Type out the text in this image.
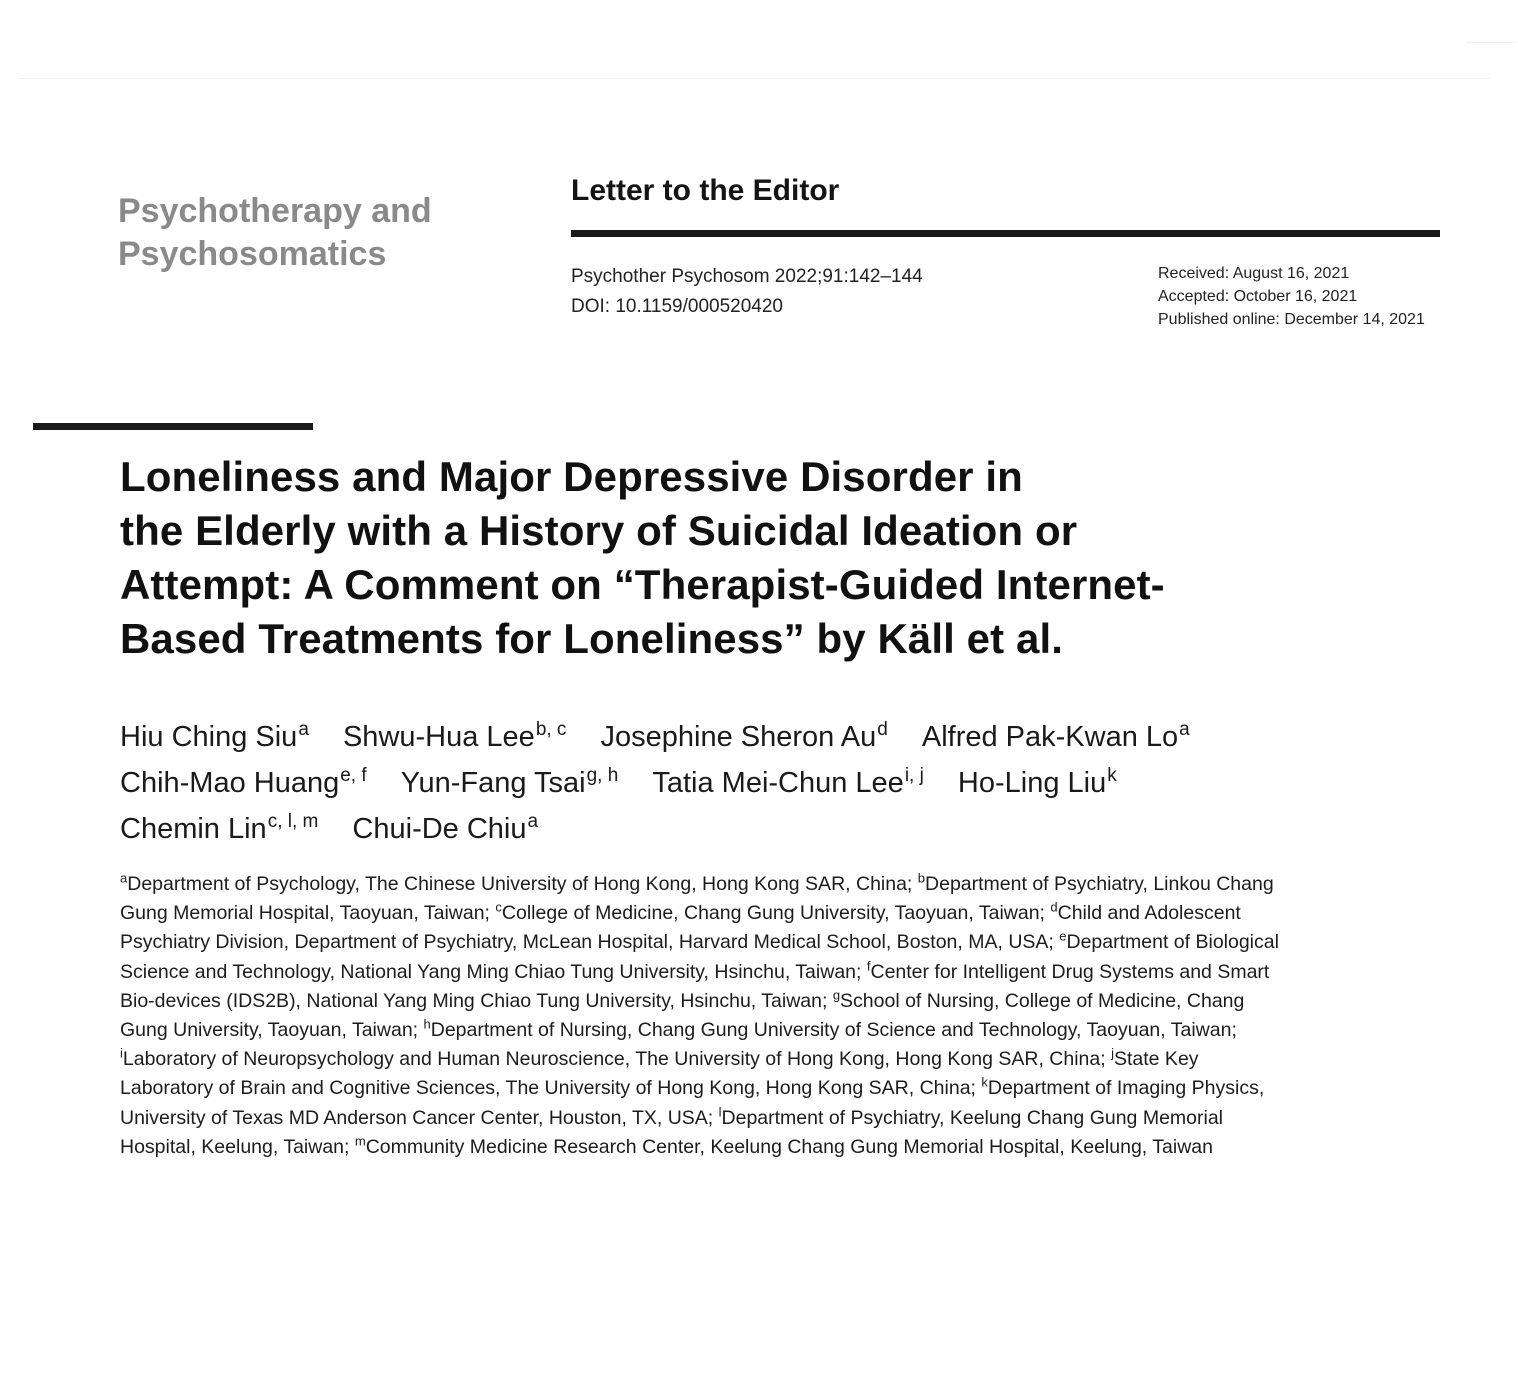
Psychotherapy and
Psychosomatics
Letter to the Editor
Psychother Psychosom 2022;91:142–144
DOI: 10.1159/000520420
Received: August 16, 2021
Accepted: October 16, 2021
Published online: December 14, 2021
Loneliness and Major Depressive Disorder in
the Elderly with a History of Suicidal Ideation or
Attempt: A Comment on “Therapist-Guided Internet-
Based Treatments for Loneliness” by Käll et al.
Hiu Ching Siu$^a$ Shwu-Hua Lee$^{b, c}$ Josephine Sheron Au$^d$ Alfred Pak-Kwan Lo$^a$
Chih-Mao Huang$^{e, f}$ Yun-Fang Tsai$^{g, h}$ Tatia Mei-Chun Lee$^{i, j}$ Ho-Ling Liu$^k$
Chemin Lin$^{c, l, m}$ Chui-De Chiu$^a$

$^a$Department of Psychology, The Chinese University of Hong Kong, Hong Kong SAR, China; $^b$Department of Psychiatry, Linkou Chang Gung Memorial Hospital, Taoyuan, Taiwan; $^c$College of Medicine, Chang Gung University, Taoyuan, Taiwan; $^d$Child and Adolescent Psychiatry Division, Department of Psychiatry, McLean Hospital, Harvard Medical School, Boston, MA, USA; $^e$Department of Biological Science and Technology, National Yang Ming Chiao Tung University, Hsinchu, Taiwan; $^f$Center for Intelligent Drug Systems and Smart Bio-devices (IDS2B), National Yang Ming Chiao Tung University, Hsinchu, Taiwan; $^g$School of Nursing, College of Medicine, Chang Gung University, Taoyuan, Taiwan; $^h$Department of Nursing, Chang Gung University of Science and Technology, Taoyuan, Taiwan; $^i$Laboratory of Neuropsychology and Human Neuroscience, The University of Hong Kong, Hong Kong SAR, China; $^j$State Key Laboratory of Brain and Cognitive Sciences, The University of Hong Kong, Hong Kong SAR, China; $^k$Department of Imaging Physics, University of Texas MD Anderson Cancer Center, Houston, TX, USA; $^l$Department of Psychiatry, Keelung Chang Gung Memorial Hospital, Keelung, Taiwan; $^m$Community Medicine Research Center, Keelung Chang Gung Memorial Hospital, Keelung, Taiwan
